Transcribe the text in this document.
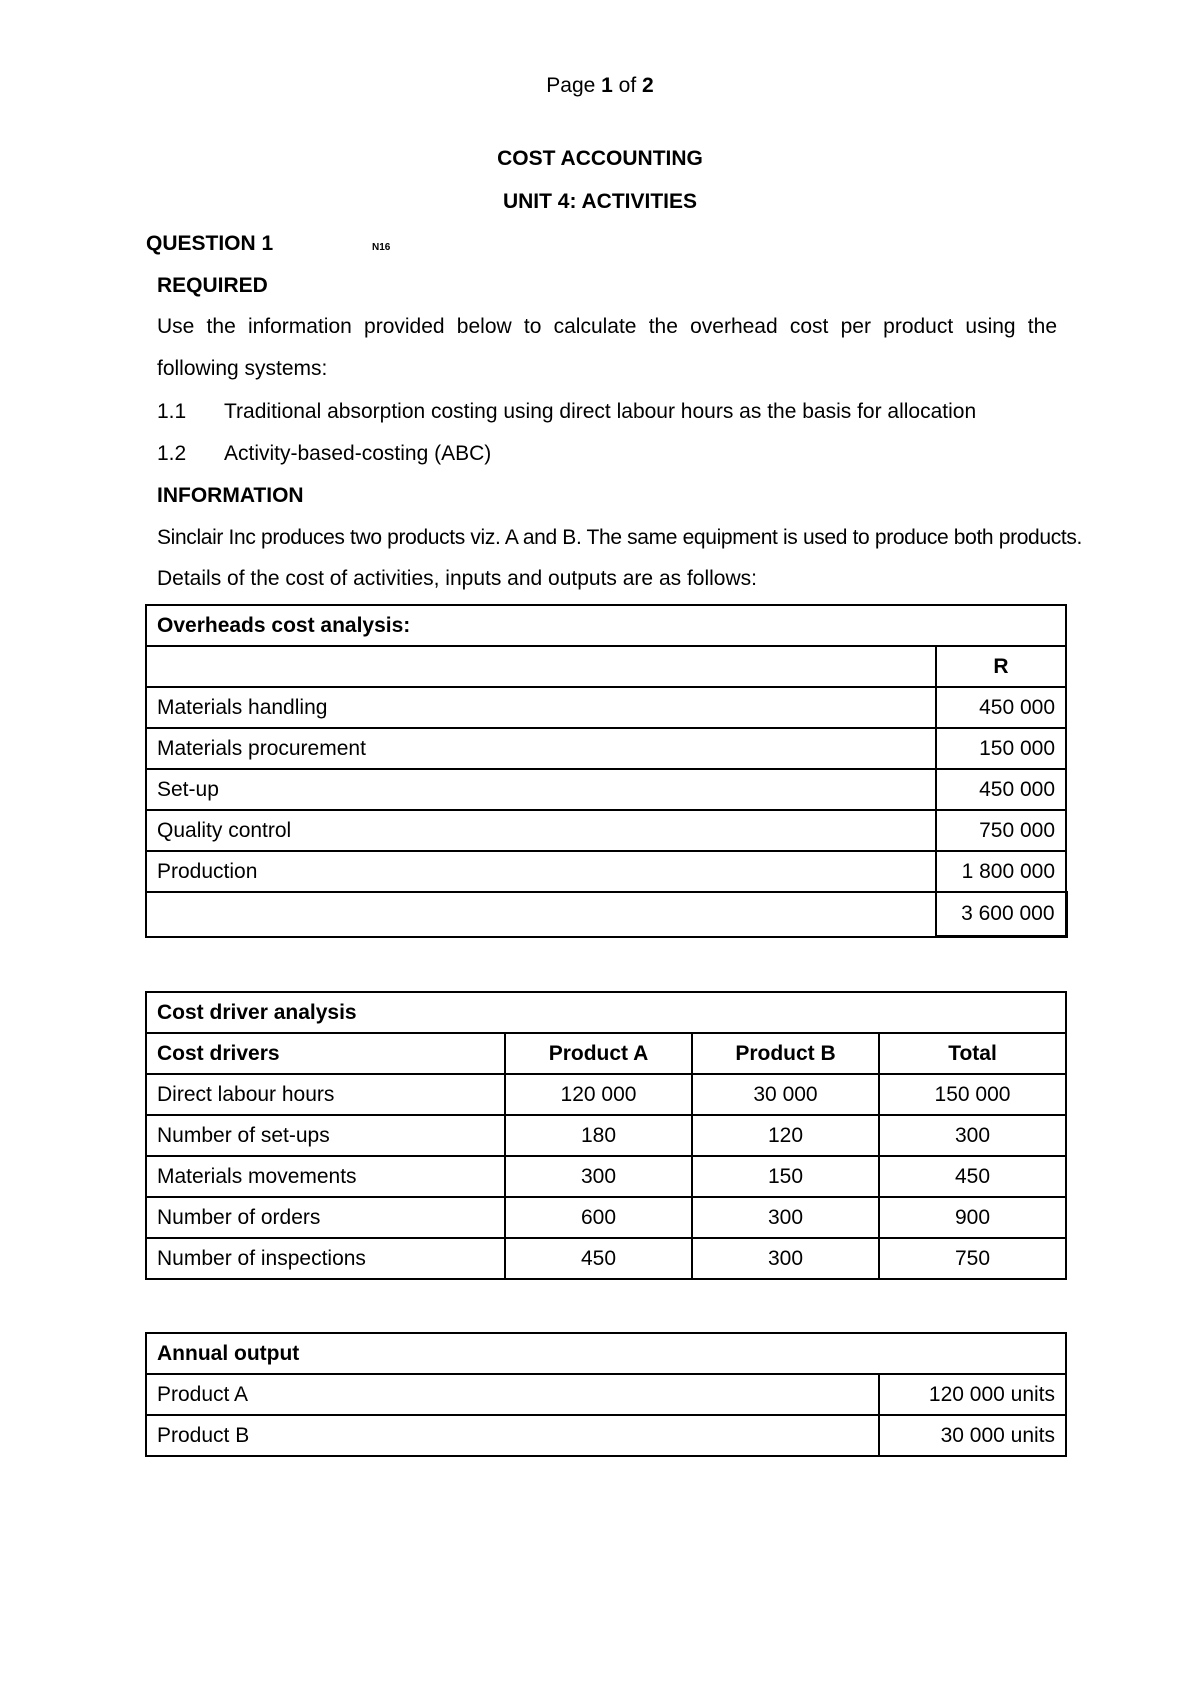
Page 1 of 2
COST ACCOUNTING
UNIT 4: ACTIVITIES
QUESTION 1	N16
REQUIRED
Use the information provided below to calculate the overhead cost per product using the following systems:
1.1 Traditional absorption costing using direct labour hours as the basis for allocation
1.2 Activity-based-costing (ABC)
INFORMATION
Sinclair Inc produces two products viz. A and B. The same equipment is used to produce both products.
Details of the cost of activities, inputs and outputs are as follows:
Overheads cost analysis:	
	R
Materials handling	450 000
Materials procurement	150 000
Set-up	450 000
Quality control	750 000
Production	1 800 000
	3 600 000
Cost driver analysis			
Cost drivers	Product A	Product B	Total
Direct labour hours	120 000	30 000	150 000
Number of set-ups	180	120	300
Materials movements	300	150	450
Number of orders	600	300	900
Number of inspections	450	300	750
Annual output	
Product A	120 000 units
Product B	30 000 units
